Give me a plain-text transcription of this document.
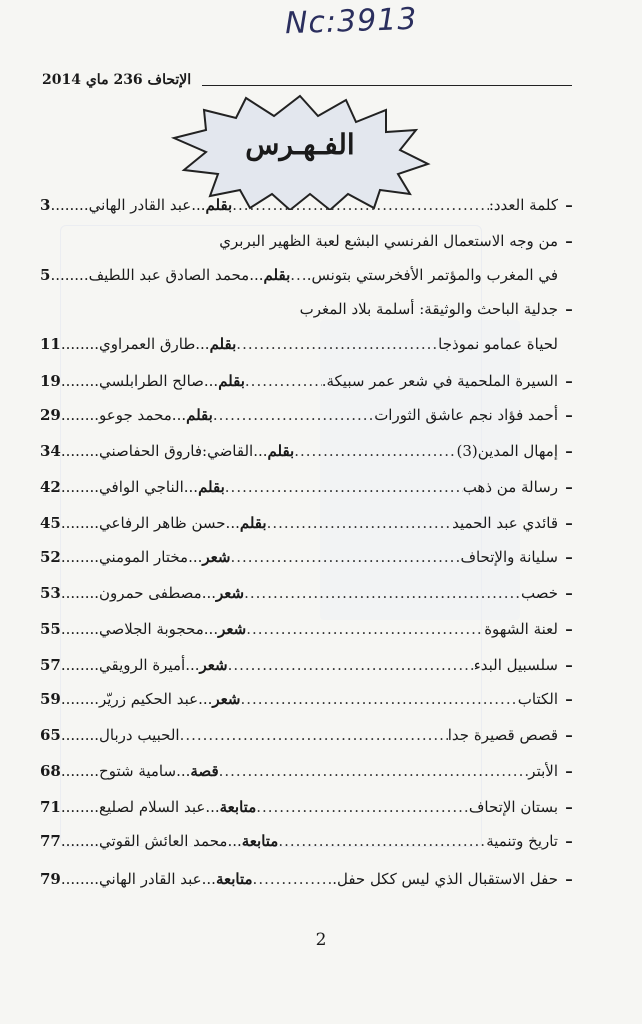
Nc:3913
الإتحاف 236 ماي 2014
الفـهـرس
–
كلمة العدد:
.....
بقلم
...
عبد القادر الهاني
........
3
–
من وجه الاستعمال الفرنسي البشع لعبة الظهير البربري
في المغرب والمؤتمر الأفخرستي بتونس.
.....
بقلم
...
محمد الصادق عبد اللطيف
........
5
–
جدلية الباحث والوثيقة: أسلمة بلاد المغرب
لحياة عمامو نموذجا
.....
بقلم
...
طارق العمراوي
........
11
–
السيرة الملحمية في شعر عمر سبيكة.
.....
بقلم
...
صالح الطرابلسي
........
19
–
أحمد فؤاد نجم عاشق الثورات
.....
بقلم
...
محمد جوعو
........
29
–
إمهال المدين(3)
.....
بقلم
...
القاضي:فاروق الحفاصني
........
34
–
رسالة من ذهب
.....
بقلم
...
الناجي الوافي
........
42
–
قائدي عبد الحميد
.....
بقلم
...
حسن ظاهر الرفاعي
........
45
–
سليانة والإتحاف
.....
شعر
...
مختار المومني
........
52
–
خصب
.....
شعر
...
مصطفى حمرون
........
53
–
لعنة الشهوة
.....
شعر
...
محجوبة الجلاصي
........
55
–
سلسبيل البدء
.....
شعر
...
أميرة الرويقي
........
57
–
الكتاب
.....
شعر
...
عبد الحكيم زريّر
........
59
–
قصص قصيرة جدا
.....
الحبيب دربال
........
65
–
الأبتر
.....
قصة
...
سامية شتوح
........
68
–
بستان الإتحاف
.....
متابعة
...
عبد السلام لصليع
........
71
–
تاريخ وتنمية
.....
متابعة
...
محمد العائش القوتي
........
77
–
حفل الاستقبال الذي ليس ككل حفل.
.....
متابعة
...
عبد القادر الهاني
........
79
2
